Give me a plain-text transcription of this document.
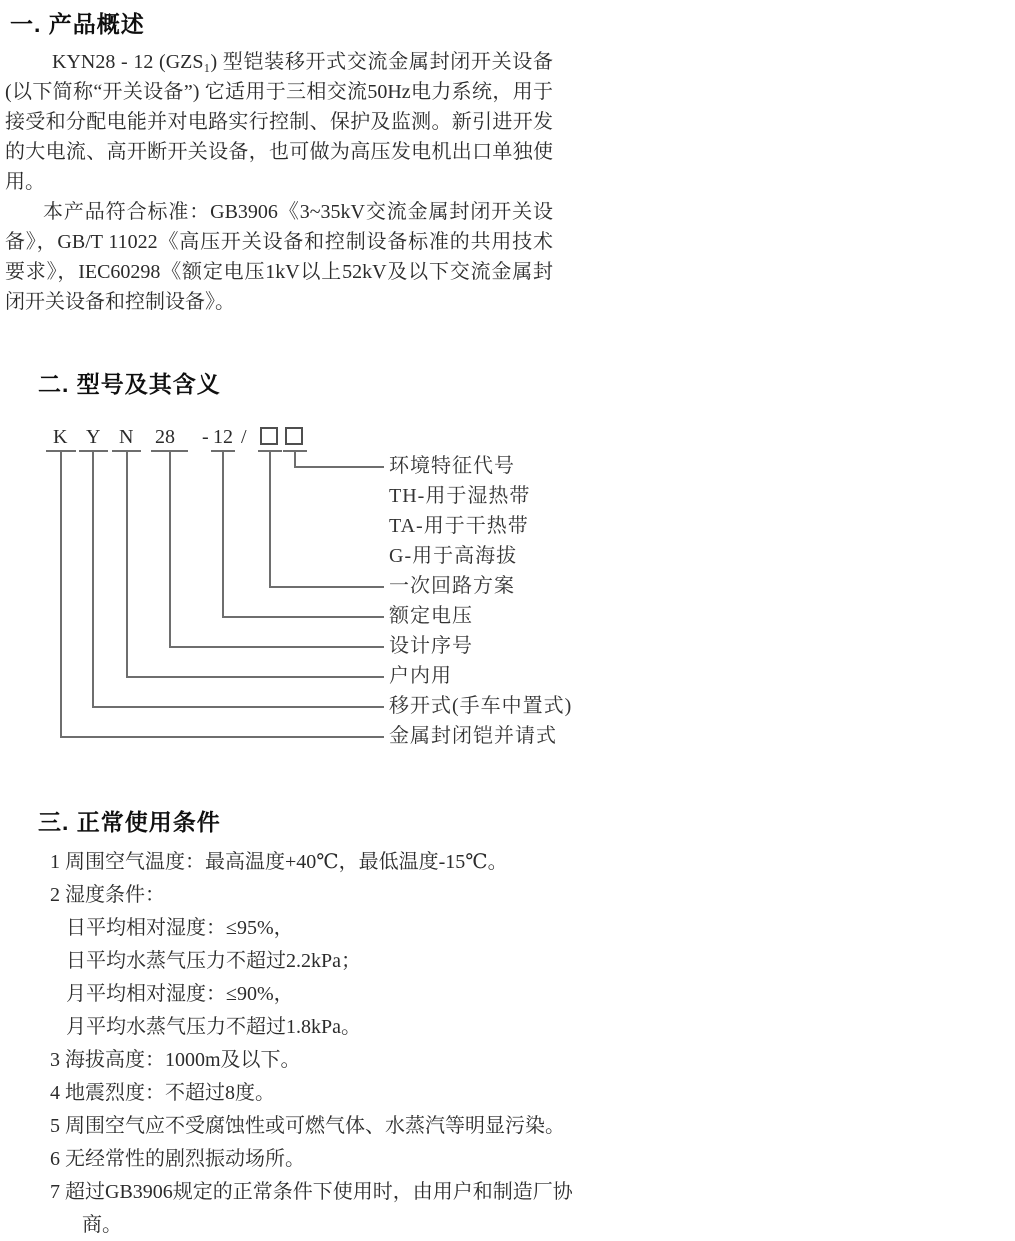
一. 产品概述

KYN28 - 12 (GZS₁) 型铠装移开式交流金属封闭开关设备(以下简称“开关设备”) 它适用于三相交流50Hz电力系统，用于接受和分配电能并对电路实行控制、保护及监测。新引进开发的大电流、高开断开关设备，也可做为高压发电机出口单独使用。

本产品符合标准：GB3906《3~35kV交流金属封闭开关设备》，GB/T 11022《高压开关设备和控制设备标准的共用技术要求》，IEC60298《额定电压1kV以上52kV及以下交流金属封闭开关设备和控制设备》。

二. 型号及其含义
K Y N 28 - 12 /
环境特征代号
TH-用于湿热带
TA-用于干热带
G-用于高海拔
一次回路方案
额定电压
设计序号
户内用
移开式(手车中置式)
金属封闭铠并请式
三. 正常使用条件
1 周围空气温度：最高温度+40℃，最低温度-15℃。
2 湿度条件：
日平均相对湿度：≤95%，
日平均水蒸气压力不超过2.2kPa；
月平均相对湿度：≤90%，
月平均水蒸气压力不超过1.8kPa。
3 海拔高度：1000m及以下。
4 地震烈度：不超过8度。
5 周围空气应不受腐蚀性或可燃气体、水蒸汽等明显污染。
6 无经常性的剧烈振动场所。
7 超过GB3906规定的正常条件下使用时，由用户和制造厂协
商。
